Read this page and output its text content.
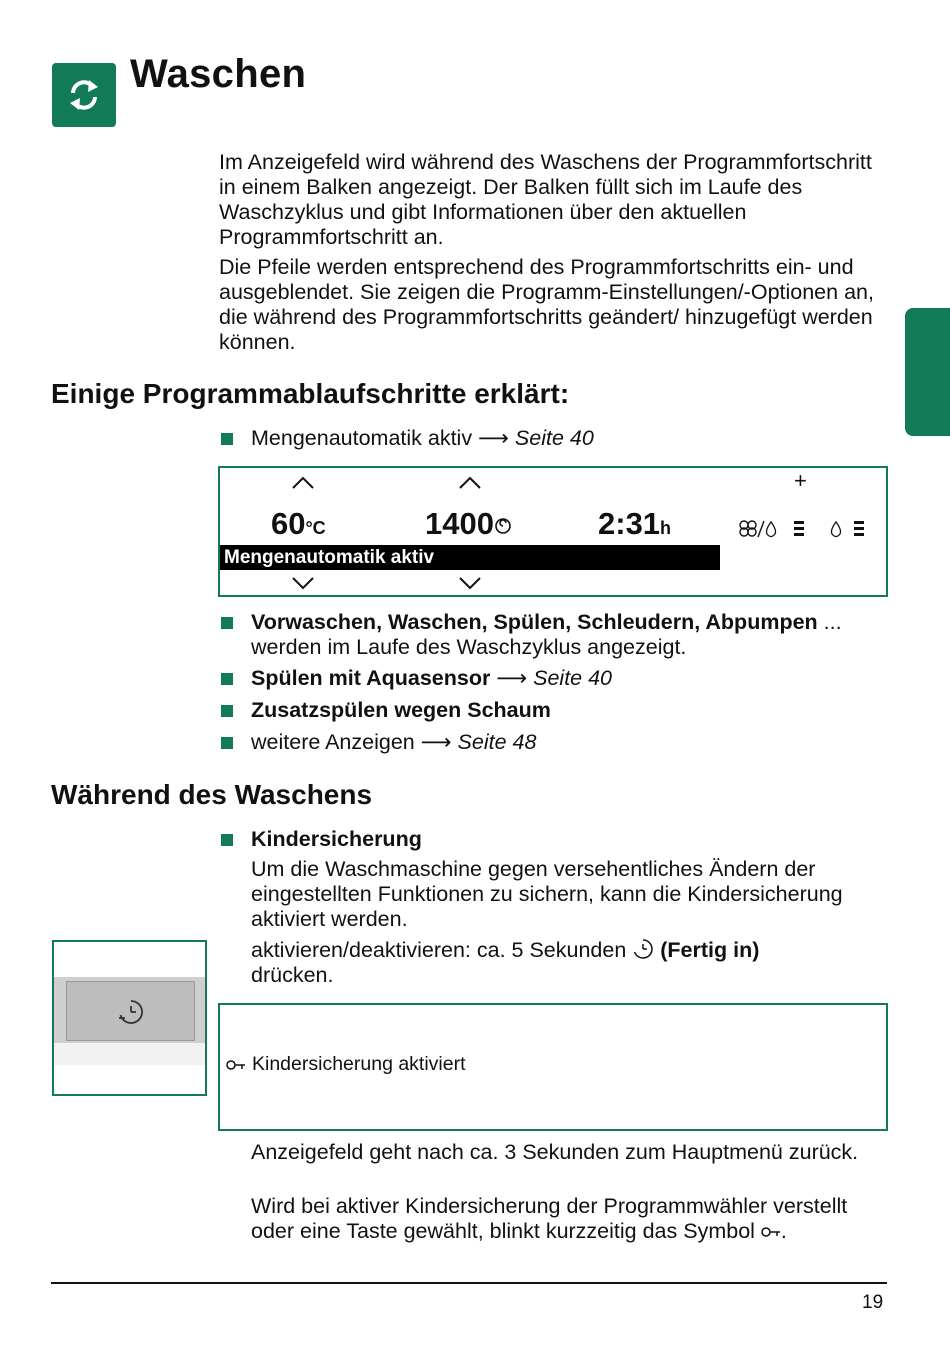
Waschen
Im Anzeigefeld wird während des Waschens der Programmfortschritt in einem Balken angezeigt. Der Balken füllt sich im Laufe des Waschzyklus und gibt Informationen über den aktuellen Programmfortschritt an.
Die Pfeile werden entsprechend des Programmfortschritts ein- und ausgeblendet. Sie zeigen die Programm-Einstellungen/-Optionen an, die während des Programmfortschritts geändert/ hinzugefügt werden können.
Einige Programmablaufschritte erklärt:
Mengenautomatik aktiv ⟶ Seite 40
+
60°C	1400	2:31h
Mengenautomatik aktiv
Vorwaschen, Waschen, Spülen, Schleudern, Abpumpen ... werden im Laufe des Waschzyklus angezeigt.
Spülen mit Aquasensor ⟶ Seite 40
Zusatzspülen wegen Schaum
weitere Anzeigen ⟶ Seite 48
Während des Waschens
Kindersicherung
Um die Waschmaschine gegen versehentliches Ändern der eingestellten Funktionen zu sichern, kann die Kindersicherung aktiviert werden.
aktivieren/deaktivieren: ca. 5 Sekunden (Fertig in)
drücken.
Kindersicherung aktiviert
Anzeigefeld geht nach ca. 3 Sekunden zum Hauptmenü zurück.
Wird bei aktiver Kindersicherung der Programmwähler verstellt oder eine Taste gewählt, blinkt kurzzeitig das Symbol .
19
